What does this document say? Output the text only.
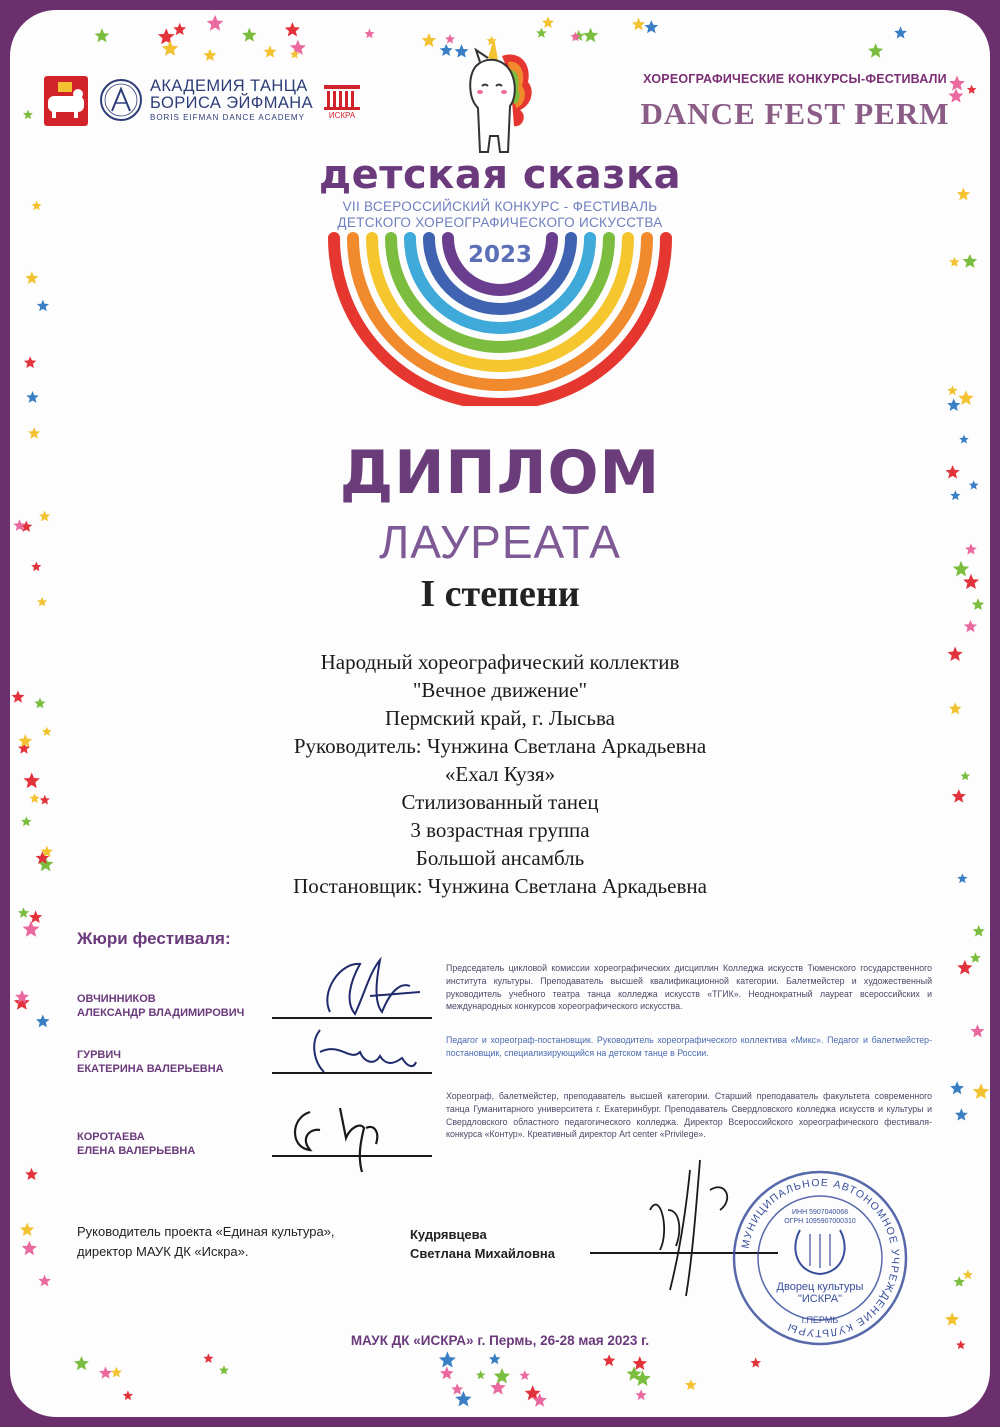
АКАДЕМИЯ ТАНЦА
БОРИСА ЭЙФМАНА
BORIS EIFMAN DANCE ACADEMY	ИСКРА
ХОРЕОГРАФИЧЕСКИЕ КОНКУРСЫ-ФЕСТИВАЛИ
DANCE FEST PERM
детская сказка
VII ВСЕРОССИЙСКИЙ КОНКУРС - ФЕСТИВАЛЬ
ДЕТСКОГО ХОРЕОГРАФИЧЕСКОГО ИСКУССТВА
2023
ДИПЛОМ
ЛАУРЕАТА
I степени
Народный хореографический коллектив
"Вечное движение"
Пермский край, г. Лысьва
Руководитель: Чунжина Светлана Аркадьевна
«Ехал Кузя»
Стилизованный танец
3 возрастная группа
Большой ансамбль
Постановщик: Чунжина Светлана Аркадьевна
Жюри фестиваля:
ОВЧИННИКОВ
АЛЕКСАНДР ВЛАДИМИРОВИЧ
Председатель цикловой комиссии хореографических дисциплин Колледжа искусств Тюменского государственного института культуры. Преподаватель высшей квалификационной категории. Балетмейстер и художественный руководитель учебного театра танца колледжа искусств «ТГИК». Неоднократный лауреат всероссийских и международных конкурсов хореографического искусства.
ГУРВИЧ
ЕКАТЕРИНА ВАЛЕРЬЕВНА
Педагог и хореограф-постановщик. Руководитель хореографического коллектива «Микс». Педагог и балетмейстер-постановщик, специализирующийся на детском танце в России.
КОРОТАЕВА
ЕЛЕНА ВАЛЕРЬЕВНА
Хореограф, балетмейстер, преподаватель высшей категории. Старший преподаватель факультета современного танца Гуманитарного университета г. Екатеринбург. Преподаватель Свердловского колледжа искусств и культуры и Свердловского областного педагогического колледжа. Директор Всероссийского хореографического фестиваля- конкурса «Контур». Креативный директор Art center «Privilege».
Руководитель проекта «Единая культура»,
директор МАУК ДК «Искра».
Кудрявцева
Светлана Михайловна
МУНИЦИПАЛЬНОЕ АВТОНОМНОЕ УЧРЕЖДЕНИЕ КУЛЬТУРЫ
ИНН 5907040068
ОГРН 1095907000310
Дворец культуры
"ИСКРА"
г.ПЕРМЬ
МАУК ДК «ИСКРА» г. Пермь, 26-28 мая 2023 г.
